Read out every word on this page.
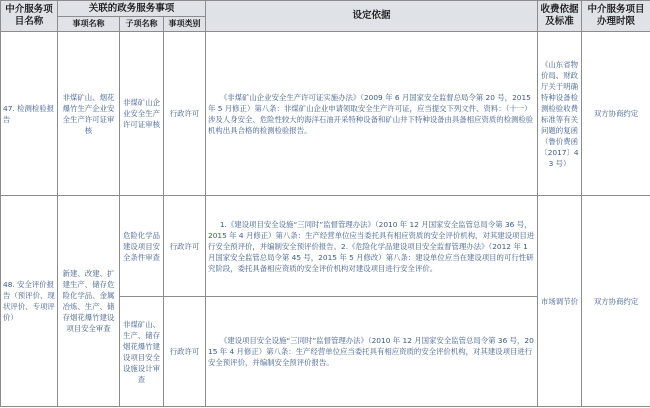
中介服务项目名称	关联的政务服务事项			设定依据	收费依据及标准	中介服务项目办理时限
	事项名称	子项名称	事项类别			
47. 检测检验报告	非煤矿山、烟花爆竹生产企业安全生产许可证审核	非煤矿山企业安全生产许可证审核	行政许可	《非煤矿山企业安全生产许可证实施办法》（2009 年 6 月国家安全监督总局令第 20 号，2015 年 5 月修正）第八条：非煤矿山企业申请领取安全生产许可证，应当提交下列文件、资料：（十一）涉及人身安全、危险性较大的海洋石油开采特种设备和矿山井下特种设备由具备相应资质的检测检验机构出具合格的检测检验报告。	《山东省物价局、财政厅关于明确特种设备检测检验收费标准等有关问题的复函（鲁价费函〔2017〕43 号）	双方协商约定
48. 安全评价报告（预评价、现状评价、专项评价）	新建、改建、扩建生产、储存危险化学品、金属冶炼、生产、储存烟花爆竹建设项目安全审查	危险化学品建设项目安全条件审查	行政许可	1.《建设项目安全设施“三同时”监督管理办法》（2010 年 12 月国家安全监管总局令第 36 号，2015 年 4 月修正）第八条：生产经营单位应当委托具有相应资质的安全评价机构，对其建设项目进行安全预评价，并编制安全预评价报告。2.《危险化学品建设项目安全监督管理办法》（2012 年 1 月国家安全监管总局令第 45 号，2015 年 5 月修改）第八条：建设单位应当在建设项目的可行性研究阶段，委托具备相应资质的安全评价机构对建设项目进行安全评价。	市场调节价	双方协商约定
		非煤矿山、生产、储存烟花爆竹建设项目安全设施设计审查	行政许可	《建设项目安全设施“三同时”监督管理办法》（2010 年 12 月国家安全监管总局令第 36 号，2015 年 4 月修正）第八条：生产经营单位应当委托具有相应资质的安全评价机构，对其建设项目进行安全预评价，并编制安全预评价报告。		
